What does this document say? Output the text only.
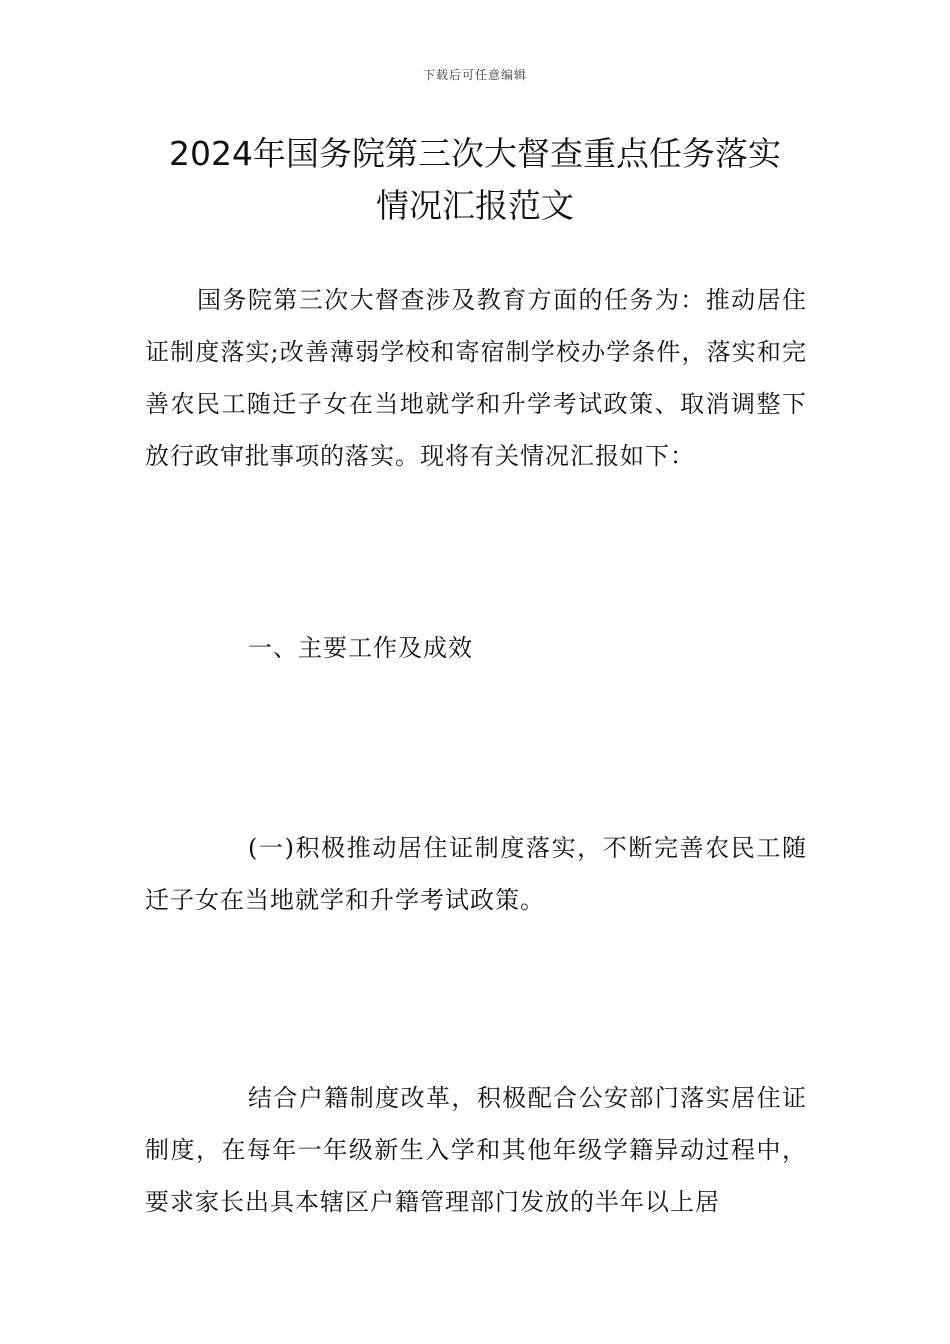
下载后可任意编辑
2024年国务院第三次大督查重点任务落实
情况汇报范文

国务院第三次大督查涉及教育方面的任务为：推动居住证制度落实;改善薄弱学校和寄宿制学校办学条件，落实和完善农民工随迁子女在当地就学和升学考试政策、取消调整下放行政审批事项的落实。现将有关情况汇报如下：

一、主要工作及成效

(一)积极推动居住证制度落实，不断完善农民工随迁子女在当地就学和升学考试政策。

结合户籍制度改革，积极配合公安部门落实居住证制度，在每年一年级新生入学和其他年级学籍异动过程中，要求家长出具本辖区户籍管理部门发放的半年以上居
